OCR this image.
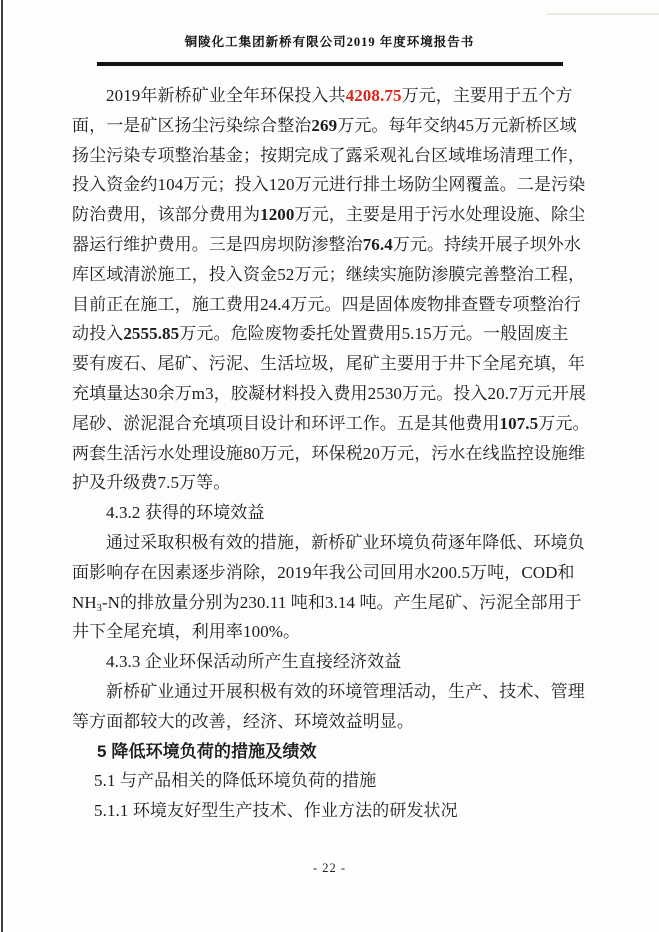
铜陵化工集团新桥有限公司2019 年度环境报告书
2019年新桥矿业全年环保投入共4208.75万元，主要用于五个方
面，一是矿区扬尘污染综合整治269万元。每年交纳45万元新桥区域
扬尘污染专项整治基金；按期完成了露采观礼台区域堆场清理工作，
投入资金约104万元；投入120万元进行排土场防尘网覆盖。二是污染
防治费用，该部分费用为1200万元，主要是用于污水处理设施、除尘
器运行维护费用。三是四房坝防渗整治76.4万元。持续开展子坝外水
库区域清淤施工，投入资金52万元；继续实施防渗膜完善整治工程，
目前正在施工，施工费用24.4万元。四是固体废物排查暨专项整治行
动投入2555.85万元。危险废物委托处置费用5.15万元。一般固废主
要有废石、尾矿、污泥、生活垃圾，尾矿主要用于井下全尾充填，年
充填量达30余万m3，胶凝材料投入费用2530万元。投入20.7万元开展
尾砂、淤泥混合充填项目设计和环评工作。五是其他费用107.5万元。
两套生活污水处理设施80万元，环保税20万元，污水在线监控设施维
护及升级费7.5万等。
4.3.2 获得的环境效益
通过采取积极有效的措施，新桥矿业环境负荷逐年降低、环境负
面影响存在因素逐步消除，2019年我公司回用水200.5万吨，COD和
$NH_3-N$的排放量分别为230.11 吨和3.14 吨。产生尾矿、污泥全部用于
井下全尾充填，利用率100%。
4.3.3 企业环保活动所产生直接经济效益
新桥矿业通过开展积极有效的环境管理活动，生产、技术、管理
等方面都较大的改善，经济、环境效益明显。
5 降低环境负荷的措施及绩效
5.1 与产品相关的降低环境负荷的措施
5.1.1 环境友好型生产技术、作业方法的研发状况
- 22 -
